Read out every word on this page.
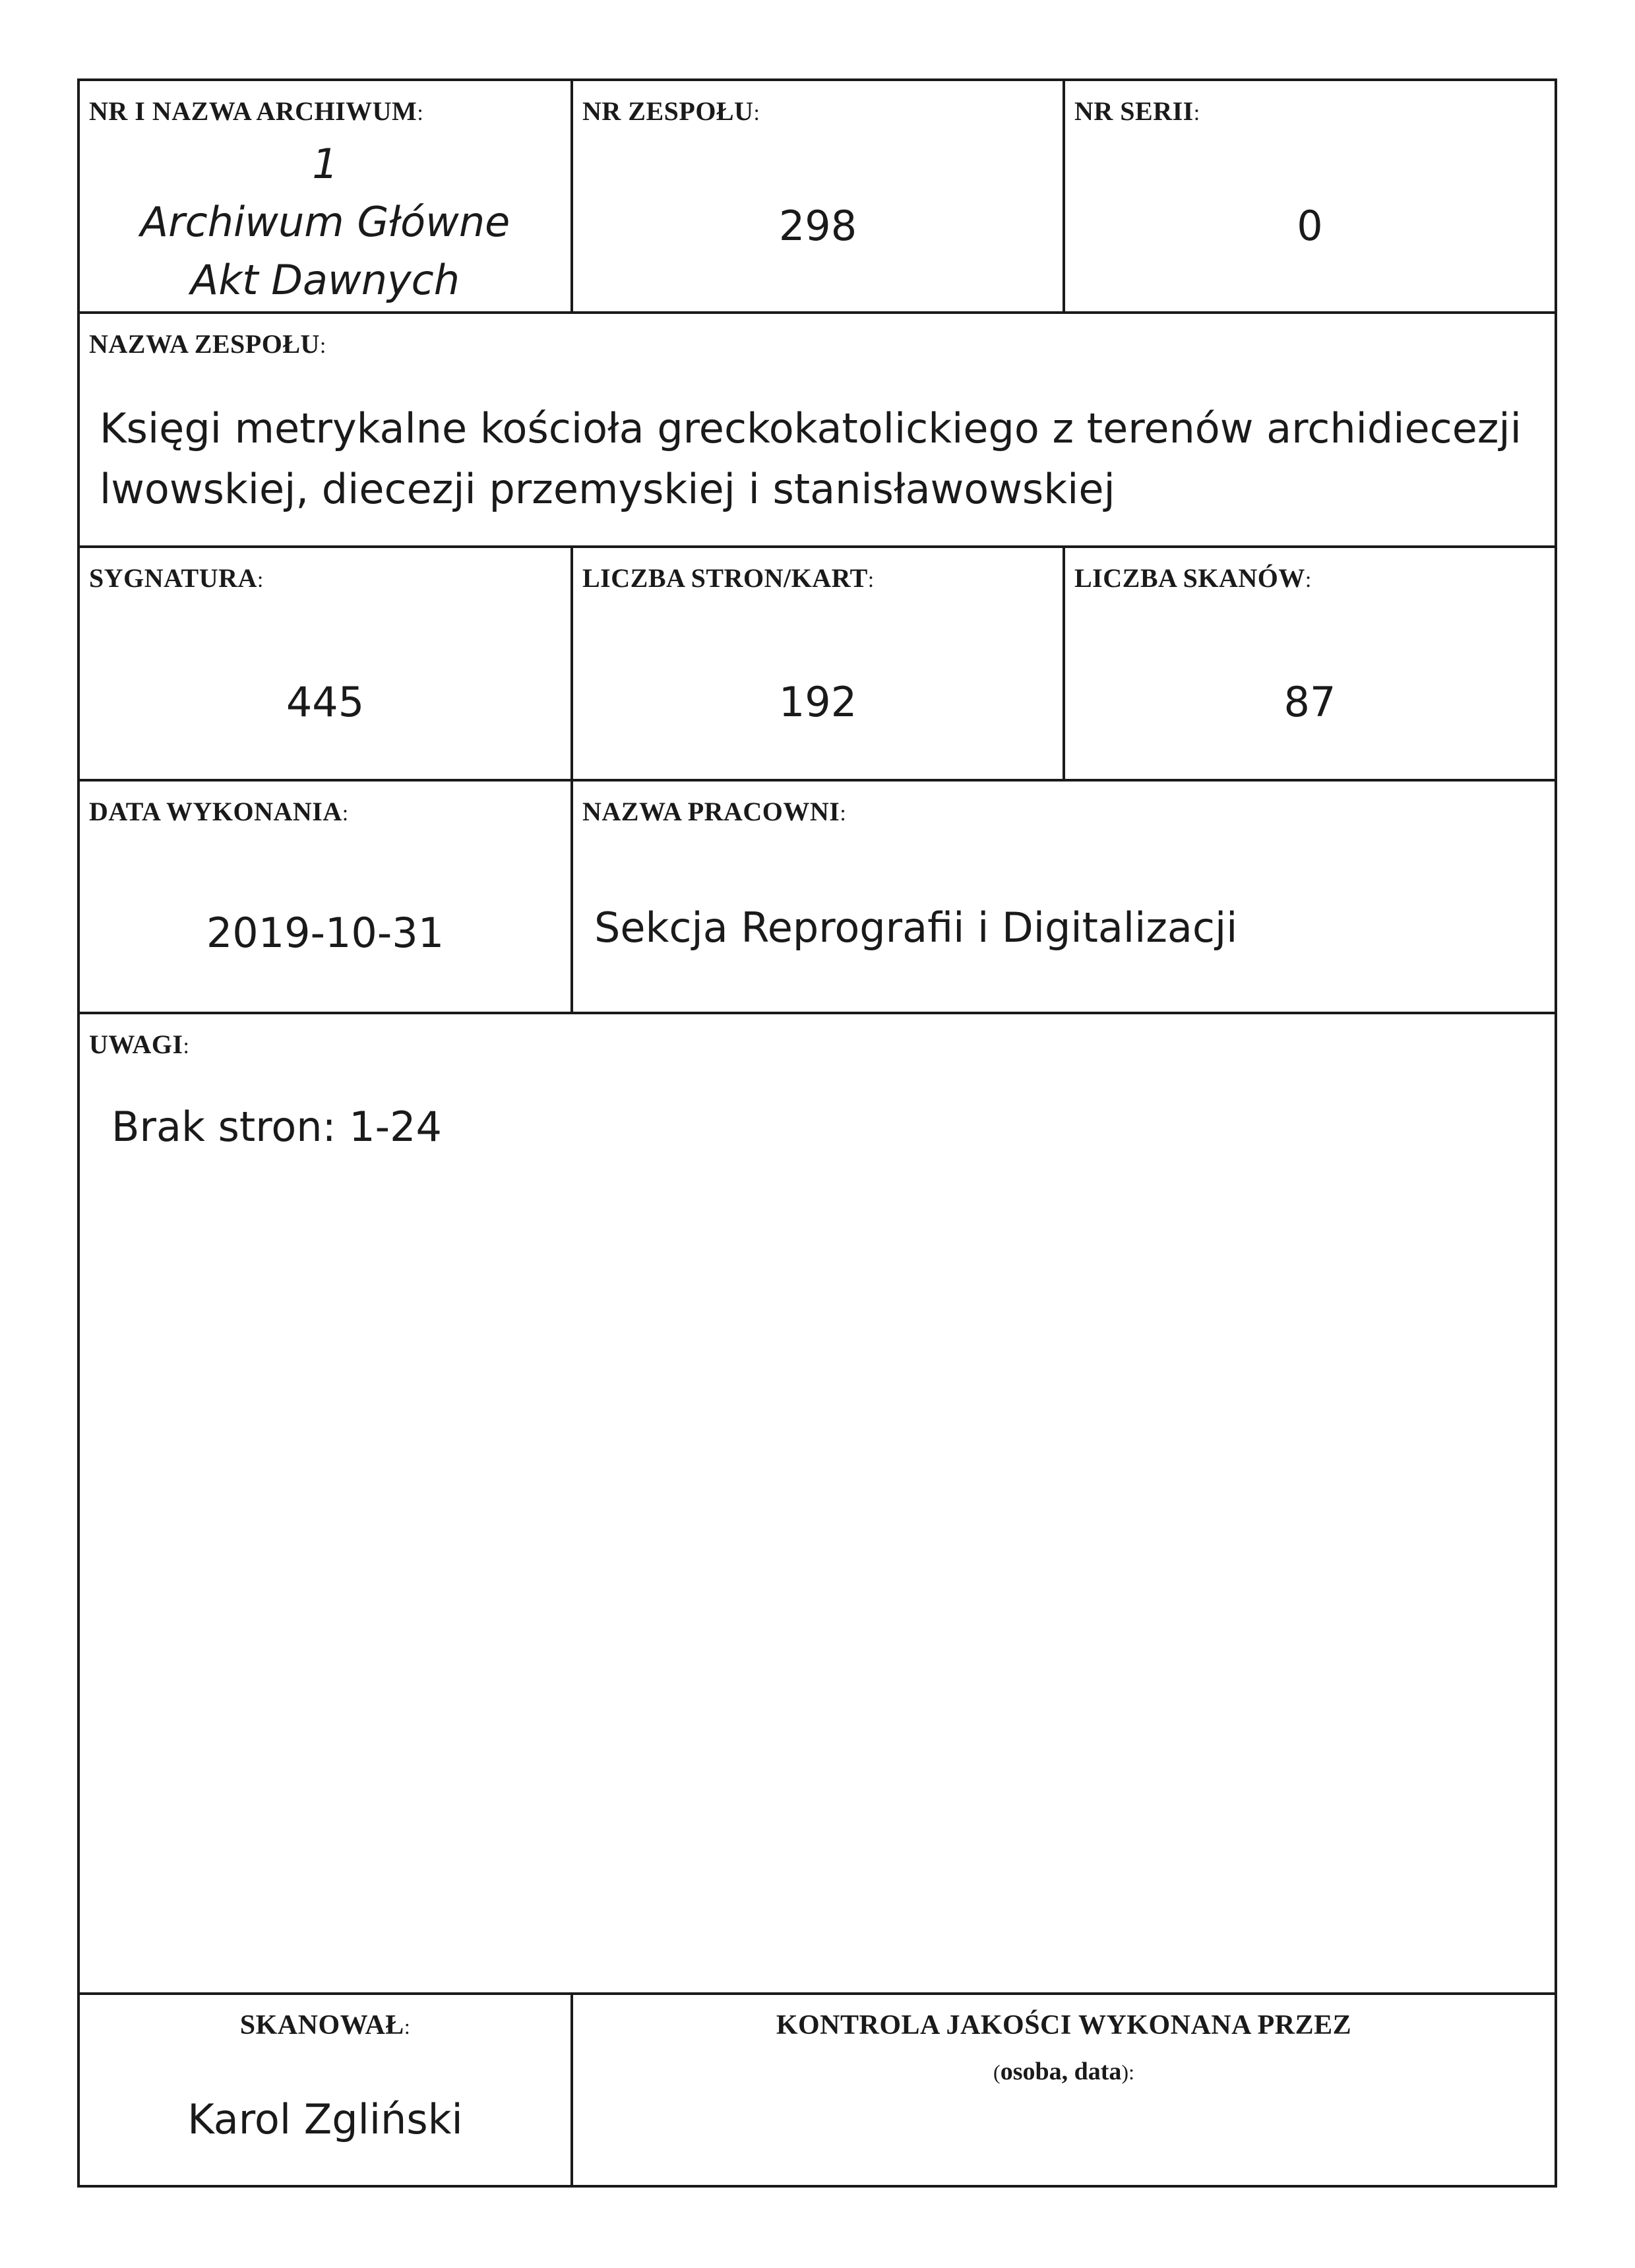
NR I NAZWA ARCHIWUM:
1
Archiwum Główne
Akt Dawnych
NR ZESPOŁU:
298
NR SERII:
0
NAZWA ZESPOŁU:
Księgi metrykalne kościoła greckokatolickiego z terenów archidiecezji lwowskiej, diecezji przemyskiej i stanisławowskiej
SYGNATURA:
445
LICZBA STRON/KART:
192
LICZBA SKANÓW:
87
DATA WYKONANIA:
2019-10-31
NAZWA PRACOWNI:
Sekcja Reprografii i Digitalizacji
UWAGI:
Brak stron: 1-24
SKANOWAŁ:
Karol Zgliński
KONTROLA JAKOŚCI WYKONANA PRZEZ
(osoba, data):
